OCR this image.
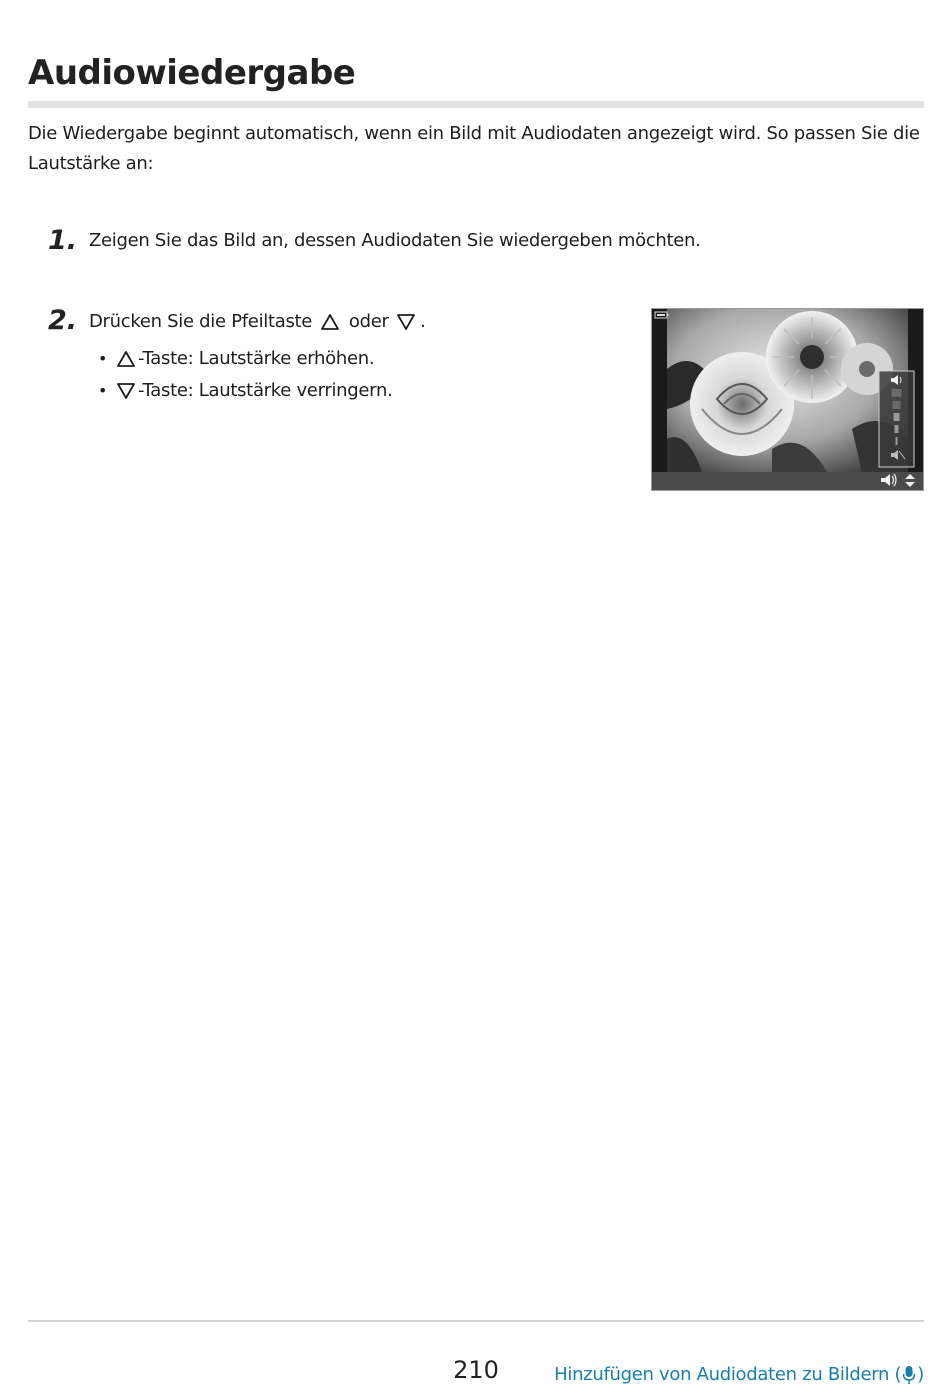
Audiowiedergabe

Die Wiedergabe beginnt automatisch, wenn ein Bild mit Audiodaten angezeigt wird. So passen Sie die Lautstärke an:

1. Zeigen Sie das Bild an, dessen Audiodaten Sie wiedergeben möchten.
2. Drücken Sie die Pfeiltaste oder .
•	-Taste: Lautstärke erhöhen.
•	-Taste: Lautstärke verringern.
210	Hinzufügen von Audiodaten zu Bildern ( )
